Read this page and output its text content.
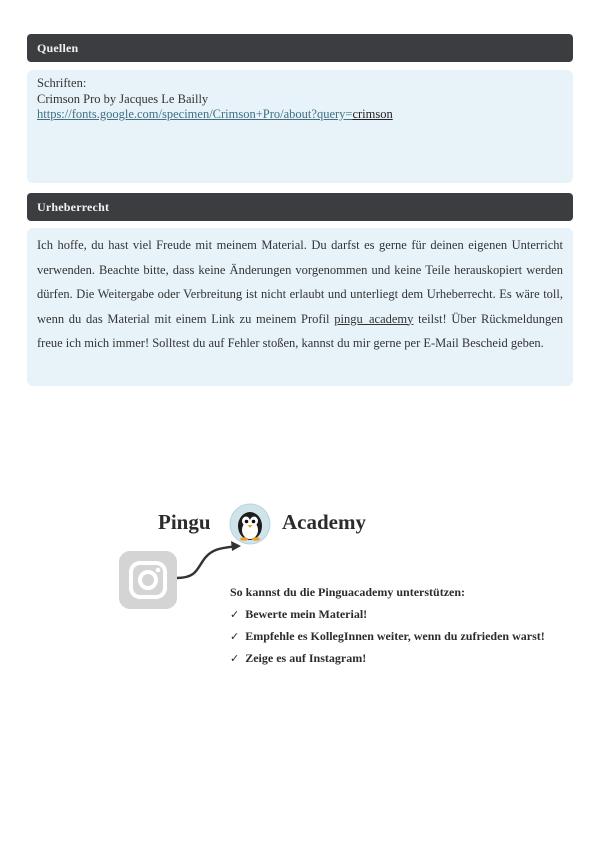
Quellen
Schriften:
Crimson Pro by Jacques Le Bailly
https://fonts.google.com/specimen/Crimson+Pro/about?query=crimson
Urheberrecht
Ich hoffe, du hast viel Freude mit meinem Material. Du darfst es gerne für deinen eigenen Unterricht verwenden. Beachte bitte, dass keine Änderungen vorgenommen und keine Teile herauskopiert werden dürfen. Die Weitergabe oder Verbreitung ist nicht erlaubt und unterliegt dem Urheberrecht. Es wäre toll, wenn du das Material mit einem Link zu meinem Profil pingu_academy teilst! Über Rückmeldungen freue ich mich immer! Solltest du auf Fehler stoßen, kannst du mir gerne per E-Mail Bescheid geben.
Pingu	Academy
So kannst du die Pinguacademy unterstützen:
✓ Bewerte mein Material!
✓ Empfehle es KollegInnen weiter, wenn du zufrieden warst!
✓ Zeige es auf Instagram!
